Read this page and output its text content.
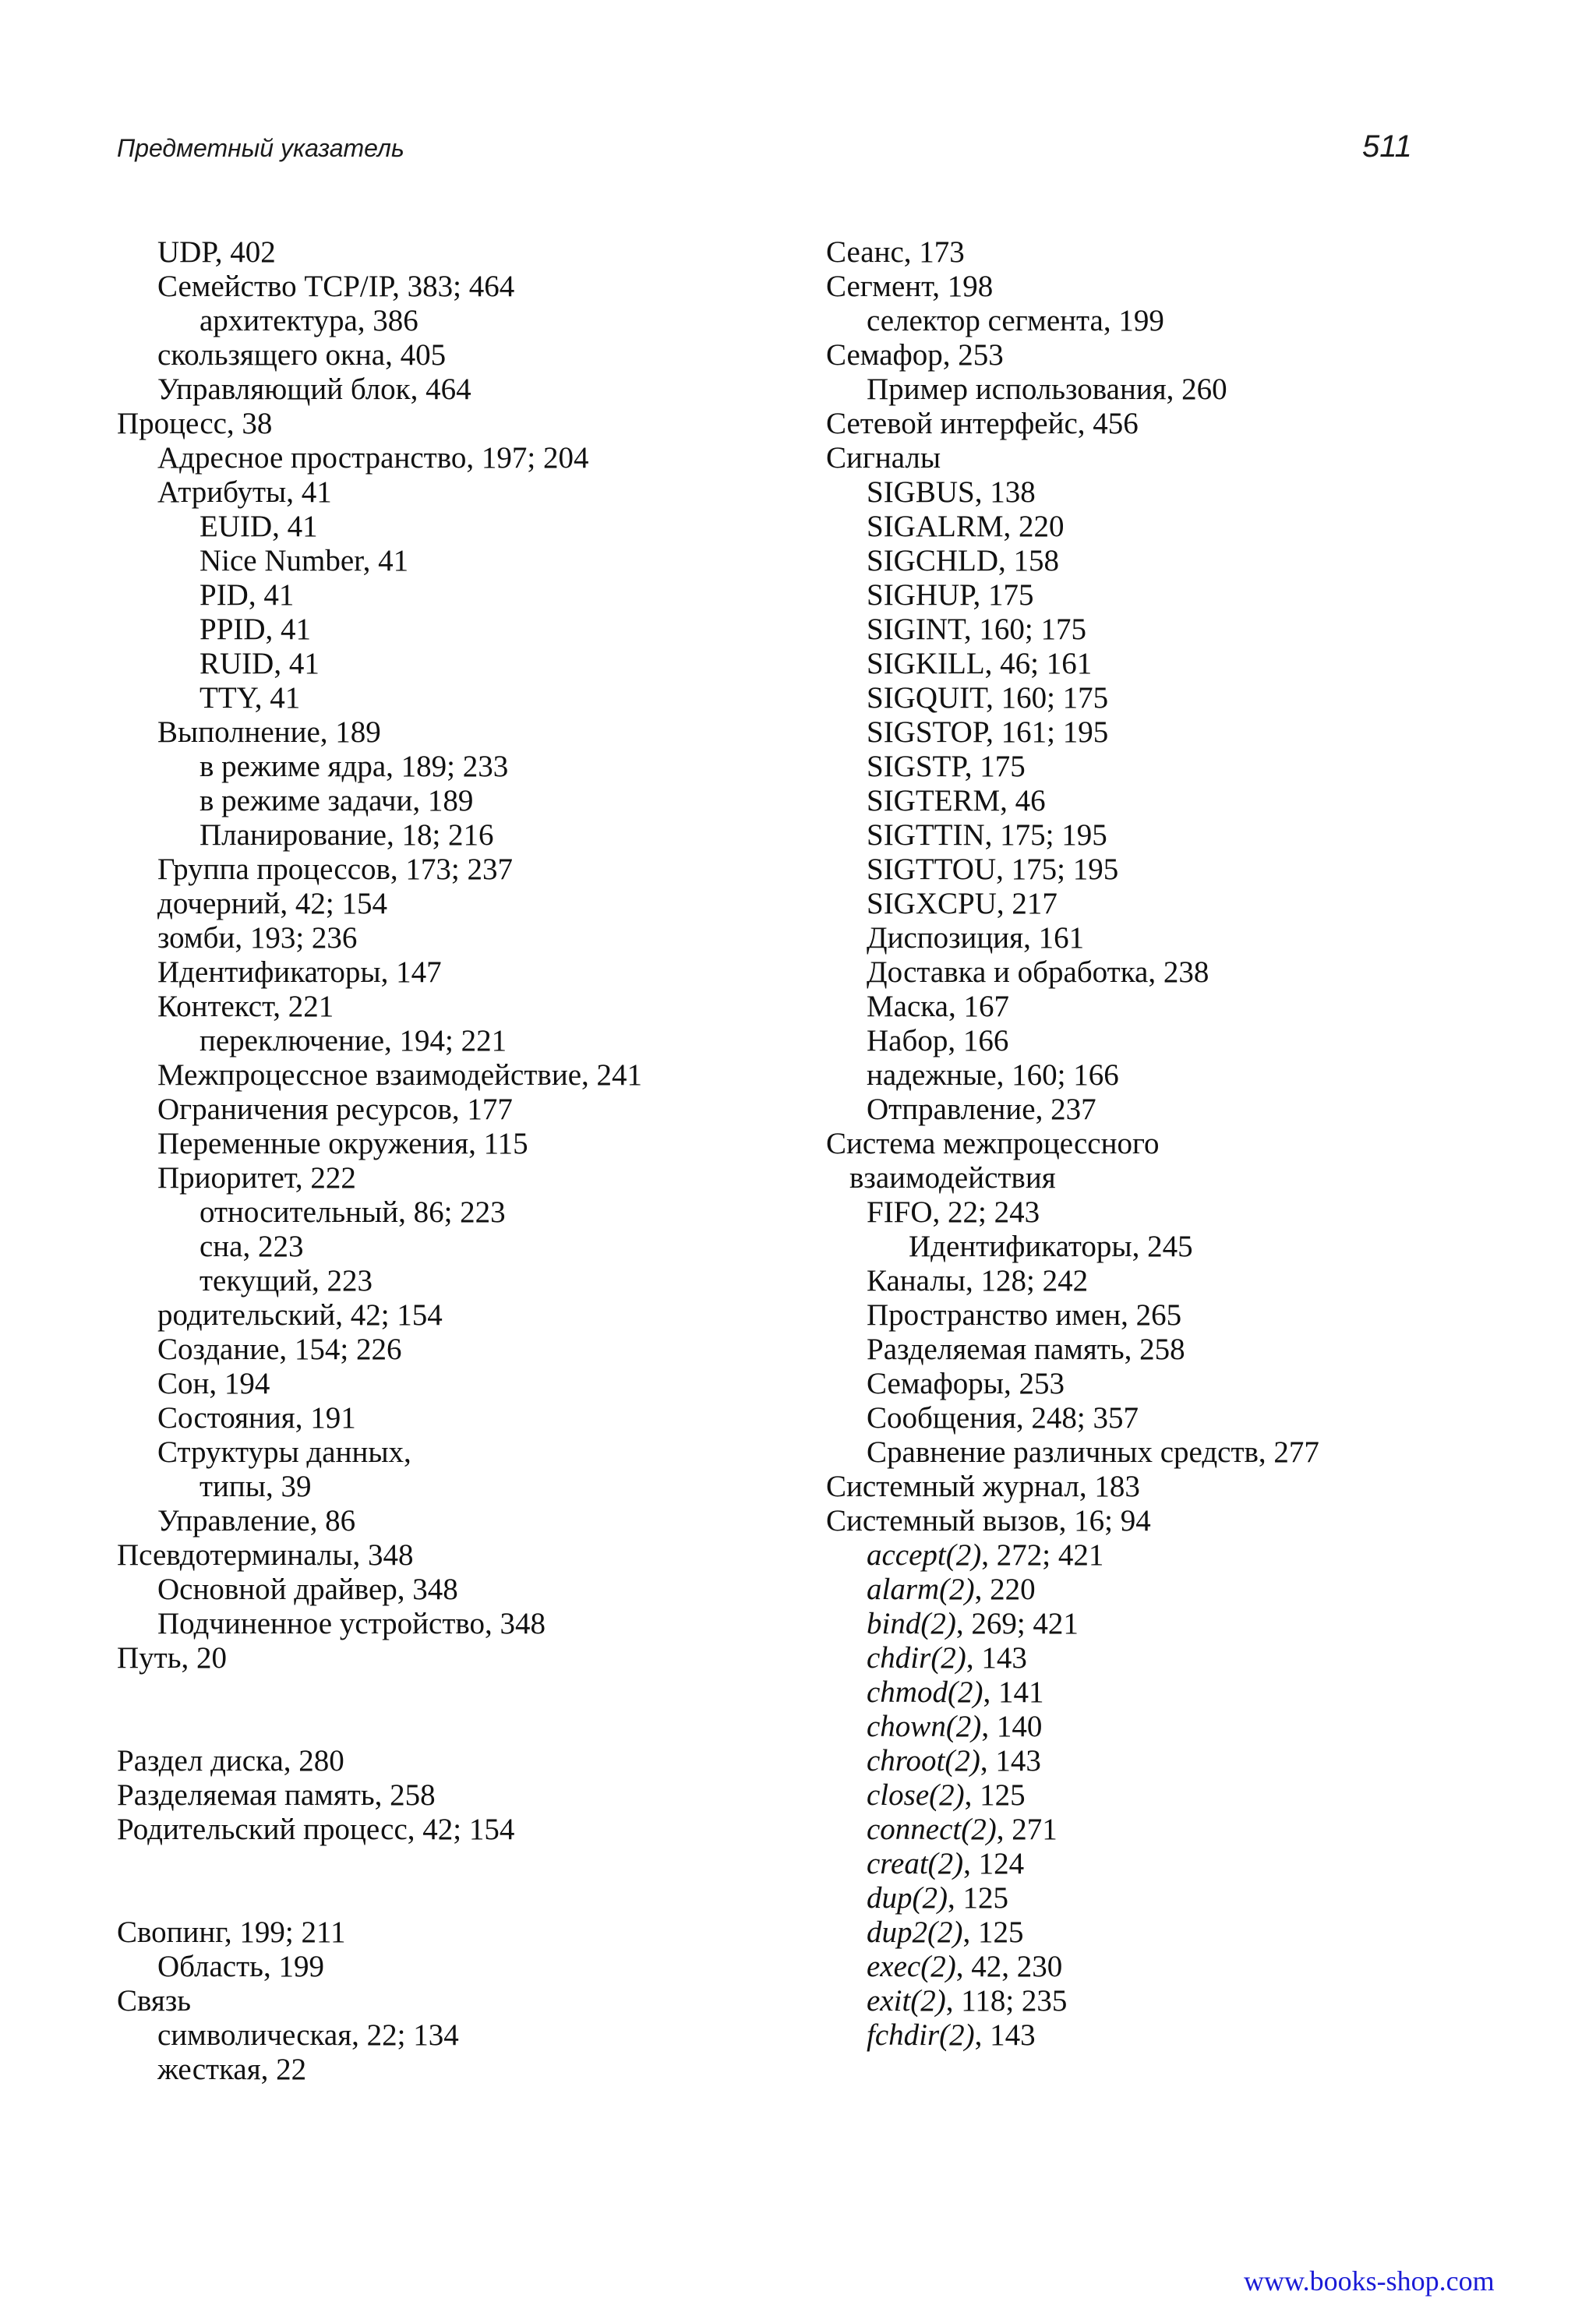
Предметный указатель	511
UDP, 402
Семейство TCP/IP, 383; 464
архитектура, 386
скользящего окна, 405
Управляющий блок, 464
Процесс, 38
Адресное пространство, 197; 204
Атрибуты, 41
EUID, 41
Nice Number, 41
PID, 41
PPID, 41
RUID, 41
TTY, 41
Выполнение, 189
в режиме ядра, 189; 233
в режиме задачи, 189
Планирование, 18; 216
Группа процессов, 173; 237
дочерний, 42; 154
зомби, 193; 236
Идентификаторы, 147
Контекст, 221
переключение, 194; 221
Межпроцессное взаимодействие, 241
Ограничения ресурсов, 177
Переменные окружения, 115
Приоритет, 222
относительный, 86; 223
сна, 223
текущий, 223
родительский, 42; 154
Создание, 154; 226
Сон, 194
Состояния, 191
Структуры данных,
типы, 39
Управление, 86
Псевдотерминалы, 348
Основной драйвер, 348
Подчиненное устройство, 348
Путь, 20
Раздел диска, 280
Разделяемая память, 258
Родительский процесс, 42; 154
Свопинг, 199; 211
Область, 199
Связь
символическая, 22; 134
жесткая, 22
Сеанс, 173
Сегмент, 198
селектор сегмента, 199
Семафор, 253
Пример использования, 260
Сетевой интерфейс, 456
Сигналы
SIGBUS, 138
SIGALRM, 220
SIGCHLD, 158
SIGHUP, 175
SIGINT, 160; 175
SIGKILL, 46; 161
SIGQUIT, 160; 175
SIGSTOP, 161; 195
SIGSTP, 175
SIGTERM, 46
SIGTTIN, 175; 195
SIGTTOU, 175; 195
SIGXCPU, 217
Диспозиция, 161
Доставка и обработка, 238
Маска, 167
Набор, 166
надежные, 160; 166
Отправление, 237
Система межпроцессного
взаимодействия
FIFO, 22; 243
Идентификаторы, 245
Каналы, 128; 242
Пространство имен, 265
Разделяемая память, 258
Семафоры, 253
Сообщения, 248; 357
Сравнение различных средств, 277
Системный журнал, 183
Системный вызов, 16; 94
accept(2), 272; 421
alarm(2), 220
bind(2), 269; 421
chdir(2), 143
chmod(2), 141
chown(2), 140
chroot(2), 143
close(2), 125
connect(2), 271
creat(2), 124
dup(2), 125
dup2(2), 125
exec(2), 42, 230
exit(2), 118; 235
fchdir(2), 143
www.books-shop.com
